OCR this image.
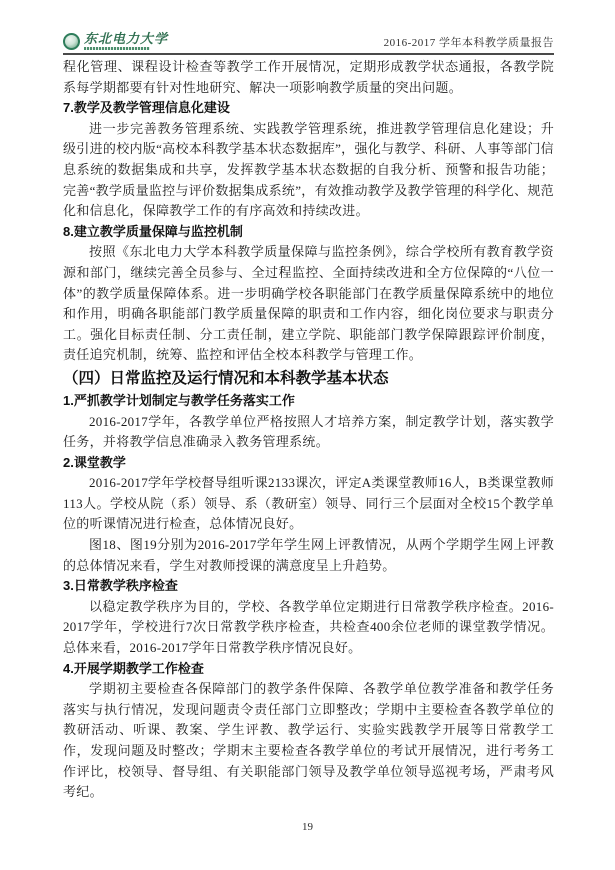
东北电力大学	2016-2017 学年本科教学质量报告

程化管理、课程设计检查等教学工作开展情况，定期形成教学状态通报，各教学院系每学期都要有针对性地研究、解决一项影响教学质量的突出问题。

7.教学及教学管理信息化建设

进一步完善教务管理系统、实践教学管理系统，推进教学管理信息化建设；升级引进的校内版“高校本科教学基本状态数据库”，强化与教学、科研、人事等部门信息系统的数据集成和共享，发挥教学基本状态数据的自我分析、预警和报告功能；完善“教学质量监控与评价数据集成系统”，有效推动教学及教学管理的科学化、规范化和信息化，保障教学工作的有序高效和持续改进。

8.建立教学质量保障与监控机制

按照《东北电力大学本科教学质量保障与监控条例》，综合学校所有教育教学资源和部门，继续完善全员参与、全过程监控、全面持续改进和全方位保障的“八位一体”的教学质量保障体系。进一步明确学校各职能部门在教学质量保障系统中的地位和作用，明确各职能部门教学质量保障的职责和工作内容，细化岗位要求与职责分工。强化目标责任制、分工责任制，建立学院、职能部门教学保障跟踪评价制度，责任追究机制，统筹、监控和评估全校本科教学与管理工作。

（四）日常监控及运行情况和本科教学基本状态

1.严抓教学计划制定与教学任务落实工作

2016-2017学年，各教学单位严格按照人才培养方案，制定教学计划，落实教学任务，并将教学信息准确录入教务管理系统。

2.课堂教学

2016-2017学年学校督导组听课2133课次，评定A类课堂教师16人，B类课堂教师113人。学校从院（系）领导、系（教研室）领导、同行三个层面对全校15个教学单位的听课情况进行检查，总体情况良好。

图18、图19分别为2016-2017学年学生网上评教情况，从两个学期学生网上评教的总体情况来看，学生对教师授课的满意度呈上升趋势。

3.日常教学秩序检查

以稳定教学秩序为目的，学校、各教学单位定期进行日常教学秩序检查。2016-2017学年，学校进行7次日常教学秩序检查，共检查400余位老师的课堂教学情况。总体来看，2016-2017学年日常教学秩序情况良好。

4.开展学期教学工作检查

学期初主要检查各保障部门的教学条件保障、各教学单位教学准备和教学任务落实与执行情况，发现问题责令责任部门立即整改；学期中主要检查各教学单位的教研活动、听课、教案、学生评教、教学运行、实验实践教学开展等日常教学工作，发现问题及时整改；学期末主要检查各教学单位的考试开展情况，进行考务工作评比，校领导、督导组、有关职能部门领导及教学单位领导巡视考场，严肃考风考纪。

19
